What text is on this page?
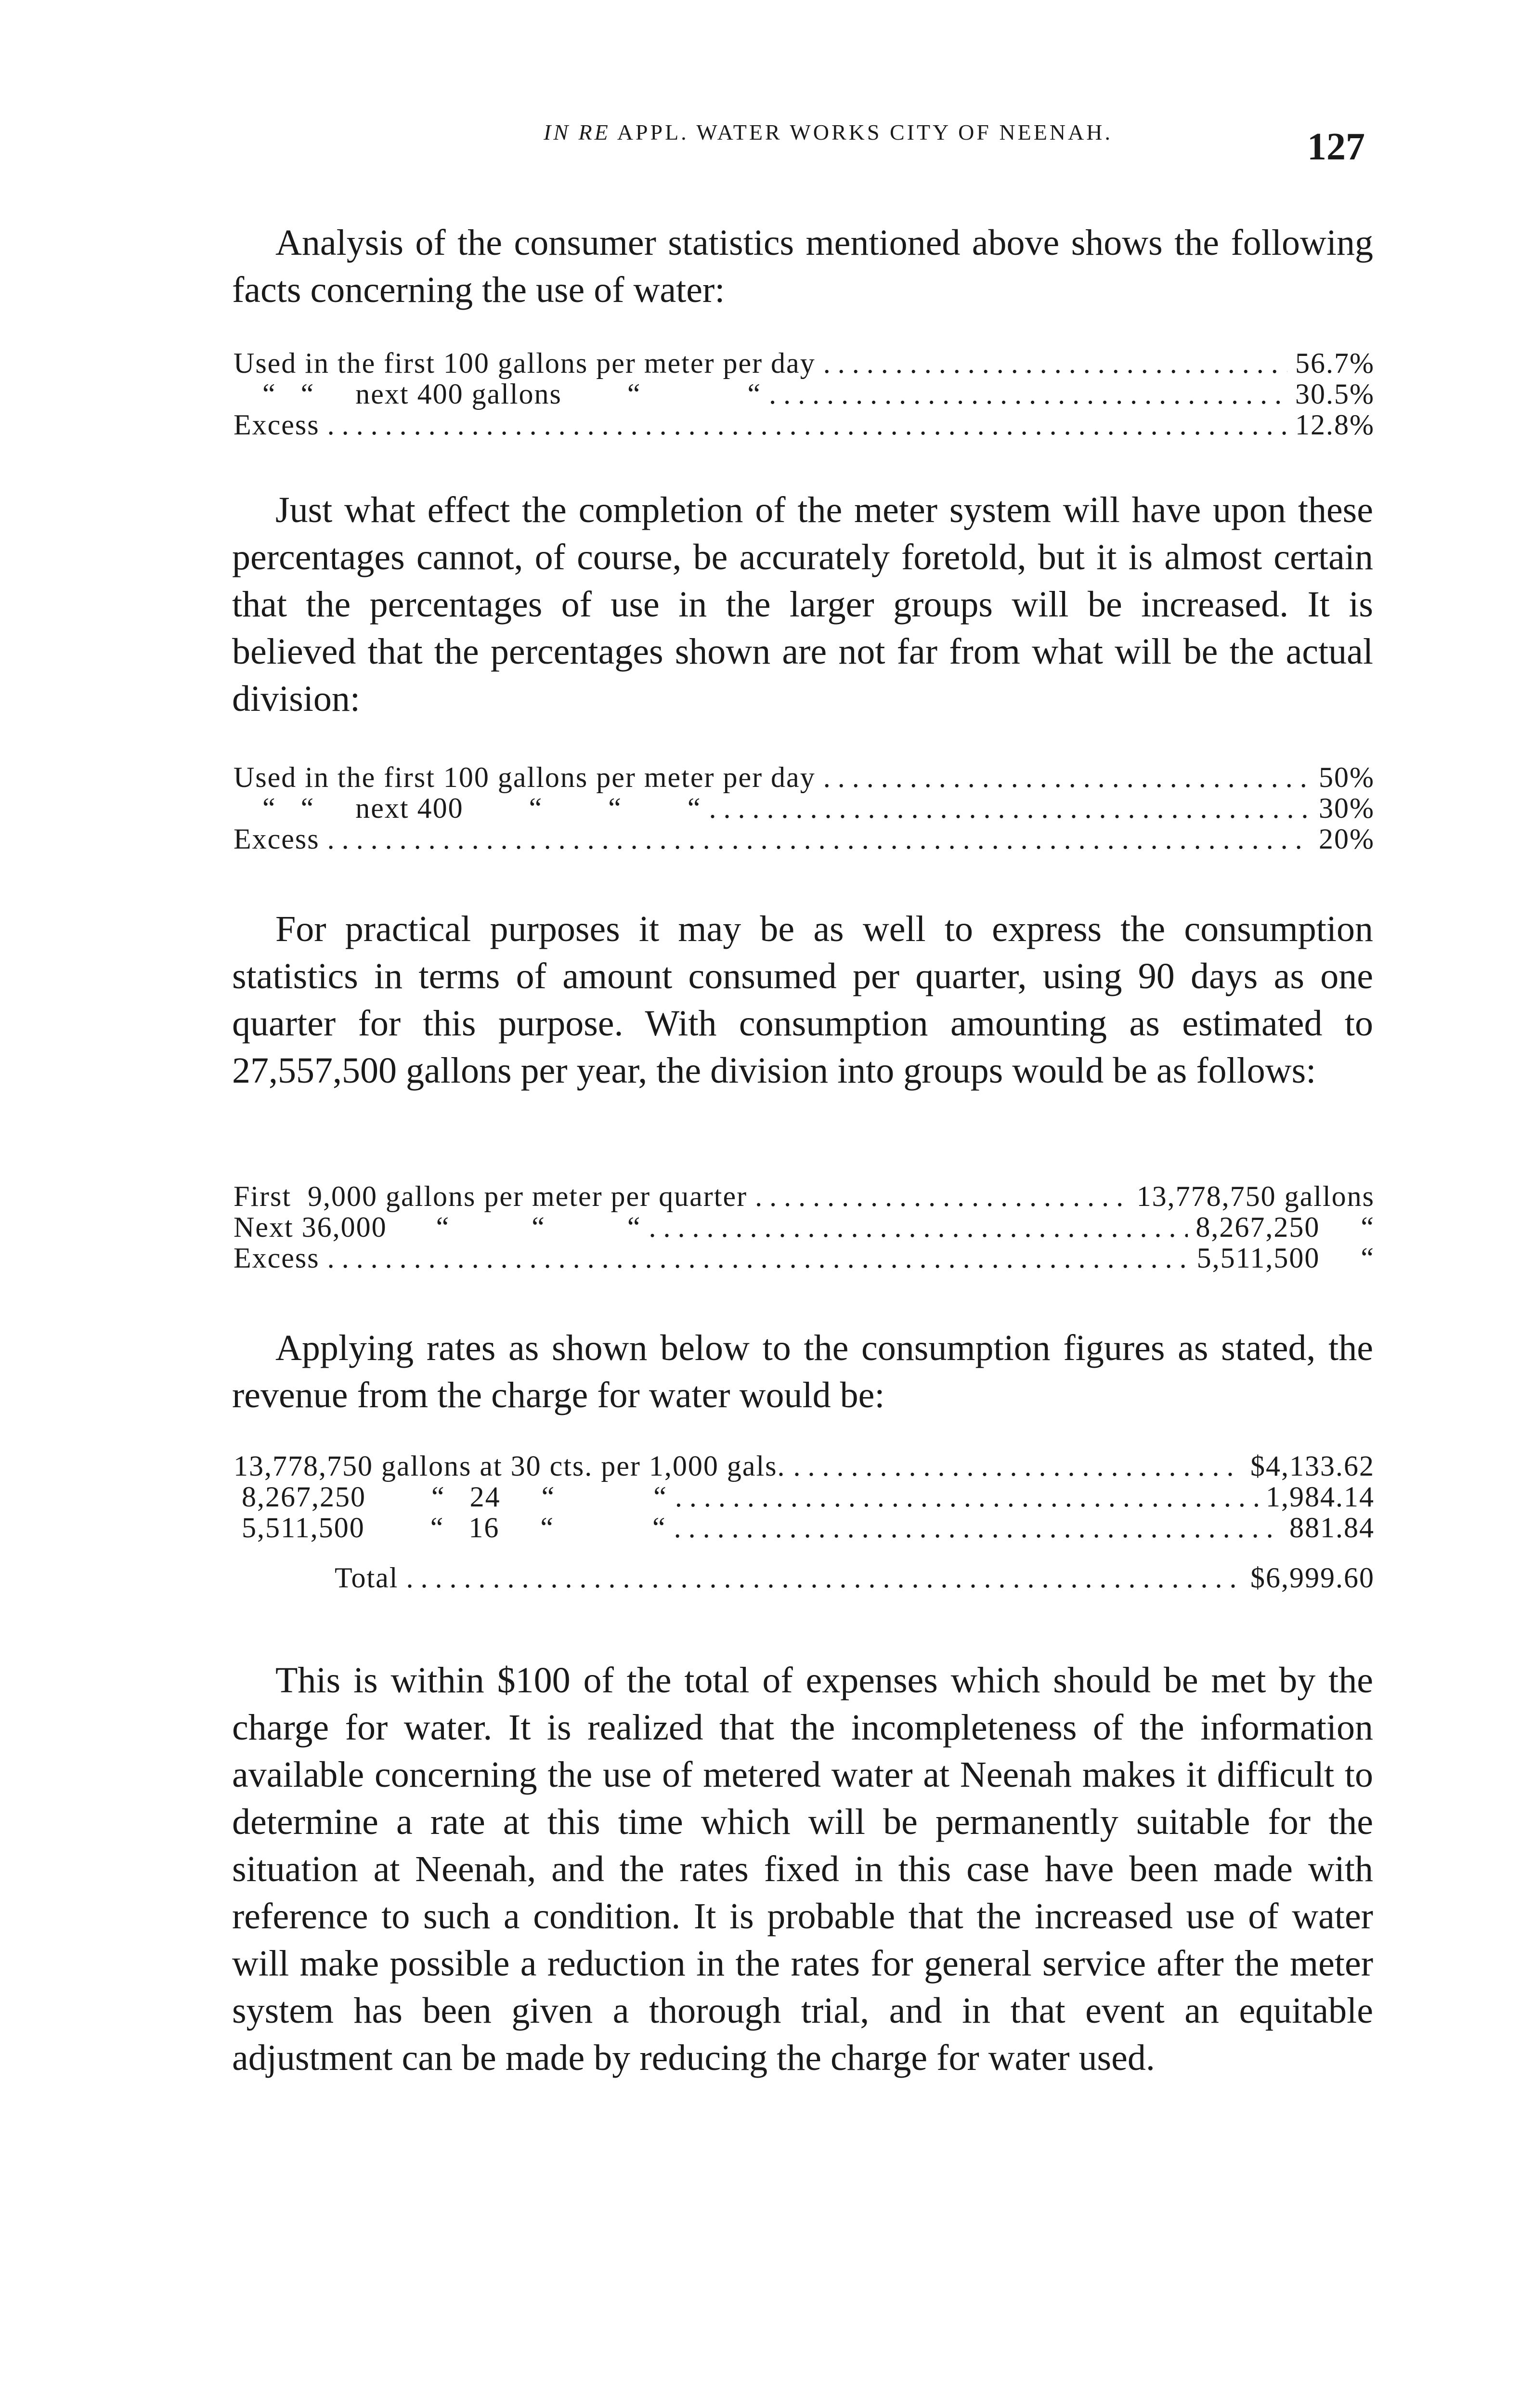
IN RE APPL. WATER WORKS CITY OF NEENAH.	127

Analysis of the consumer statistics mentioned above shows the following facts concerning the use of water:

Used in the first 100 gallons per meter per day . . .	56.7%
“   “     next 400 gallons        “             “ . . .	30.5%
Excess . . .	12.8%

Just what effect the completion of the meter system will have upon these percentages cannot, of course, be accurately foretold, but it is almost certain that the percentages of use in the larger groups will be increased. It is believed that the percentages shown are not far from what will be the actual division:

Used in the first 100 gallons per meter per day . . .	50%
“   “     next 400        “        “        “ . . .	30%
Excess . . .	20%

For practical purposes it may be as well to express the consumption statistics in terms of amount consumed per quarter, using 90 days as one quarter for this purpose. With consumption amounting as estimated to 27,557,500 gallons per year, the division into groups would be as follows:

First  9,000 gallons per meter per quarter . . .	13,778,750 gallons
Next 36,000      “          “          “ . . .	8,267,250     “
Excess . . .	5,511,500     “

Applying rates as shown below to the consumption figures as stated, the revenue from the charge for water would be:

13,778,750 gallons at 30 cts. per 1,000 gals. . . .	$4,133.62
8,267,250        “   24     “            “ . . .	1,984.14
5,511,500        “   16     “            “ . . .	881.84
Total . . .	$6,999.60

This is within $100 of the total of expenses which should be met by the charge for water. It is realized that the incompleteness of the information available concerning the use of metered water at Neenah makes it difficult to determine a rate at this time which will be permanently suitable for the situation at Neenah, and the rates fixed in this case have been made with reference to such a condition. It is probable that the increased use of water will make possible a reduction in the rates for general service after the meter system has been given a thorough trial, and in that event an equitable adjustment can be made by reducing the charge for water used.
